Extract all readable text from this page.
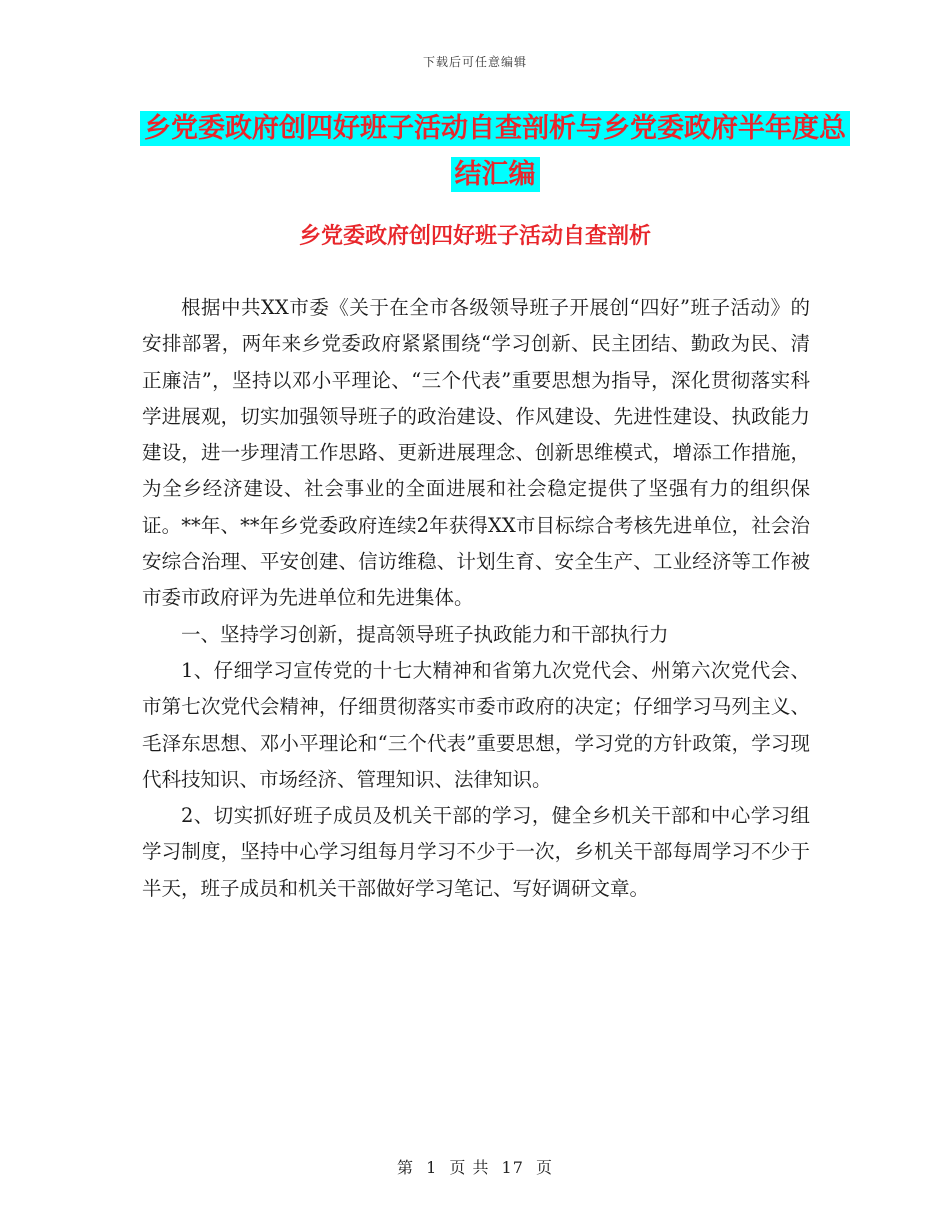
下载后可任意编辑
乡党委政府创四好班子活动自查剖析与乡党委政府半年度总结汇编
乡党委政府创四好班子活动自查剖析

根据中共XX市委《关于在全市各级领导班子开展创“四好”班子活动》的安排部署，两年来乡党委政府紧紧围绕“学习创新、民主团结、勤政为民、清正廉洁”，坚持以邓小平理论、“三个代表”重要思想为指导，深化贯彻落实科学进展观，切实加强领导班子的政治建设、作风建设、先进性建设、执政能力建设，进一步理清工作思路、更新进展理念、创新思维模式，增添工作措施，为全乡经济建设、社会事业的全面进展和社会稳定提供了坚强有力的组织保证。**年、**年乡党委政府连续2年获得XX市目标综合考核先进单位，社会治安综合治理、平安创建、信访维稳、计划生育、安全生产、工业经济等工作被市委市政府评为先进单位和先进集体。

一、坚持学习创新，提高领导班子执政能力和干部执行力

1、仔细学习宣传党的十七大精神和省第九次党代会、州第六次党代会、市第七次党代会精神，仔细贯彻落实市委市政府的决定；仔细学习马列主义、毛泽东思想、邓小平理论和“三个代表”重要思想，学习党的方针政策，学习现代科技知识、市场经济、管理知识、法律知识。

2、切实抓好班子成员及机关干部的学习，健全乡机关干部和中心学习组学习制度，坚持中心学习组每月学习不少于一次，乡机关干部每周学习不少于半天，班子成员和机关干部做好学习笔记、写好调研文章。

第 1 页 共 17 页
